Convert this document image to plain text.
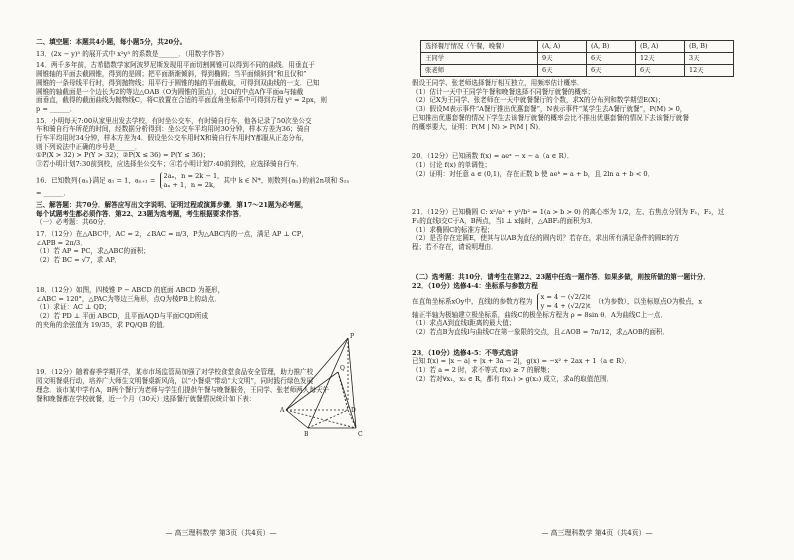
二、填空题：本题共4小题，每小题5分，共20分。

13．(2x − y)⁵ 的展开式中 x²y³ 的系数是______．（用数字作答）

14．两千多年前，古希腊数学家阿波罗尼斯发现用平面切割圆锥可以得到不同的曲线．用垂直于

圆锥轴的平面去截圆锥，得到的是圆；把平面渐渐倾斜，得到椭圆；当平面倾斜到“和且仅和”

圆锥的一条母线平行时，得到抛物线；用平行于圆锥的轴的平面截取，可得到双曲线的一支．已知

圆锥的轴截面是一个边长为2的等边△OAB（O为圆锥的顶点），过Oi的中点A作平面α与轴截

面垂直，截得的截面曲线为抛物线C，将C放置在合适的平面直角坐标系中可得到方程 y² = 2px，则

p = ______．

15．小明每天7:00从家里出发去学校，有时坐公交车，有时骑自行车，他各记录了50次坐公交

车和骑自行车所花的时间，经数据分析得到：坐公交车平均用时30分钟，样本方差为36；骑自

行车平均用时34分钟，样本方差为4．假设坐公交车用时X和骑自行车用时Y都服从正态分布，

则下列说法中正确的序号是______．

①P(X > 32) > P(Y > 32)；②P(X ≤ 36) = P(Y ≤ 36)；

③若小明计划7:30前到校，应选择坐公交车；④若小明计划7:40前到校，应选择骑自行车．

16．已知数列{aₙ}满足 a₁ = 1，aₙ₊₁ =
2aₙ，n = 2k − 1,
aₙ + 1，n = 2k,	其中 k ∈ N*，则数列{aₙ}的前2n项和 S₂ₙ

= ______．

三、解答题：共70分．解答应写出文字说明、证明过程或演算步骤．第17～21题为必考题，

每个试题考生都必须作答．第22、23题为选考题，考生根据要求作答．

（一）必考题：共60分．

17．（12分）在△ABC中，AC = 2，∠BAC = π/3，P为△ABC内的一点，满足 AP ⊥ CP，

∠APB = 2π/3．

（1）若 AP = PC，求△ABC的面积；

（2）若 BC = √7，求 AP．

18．（12分）如图，四棱锥 P − ABCD 的底面 ABCD 为菱形，

∠ABC = 120°，△PAC为等边三角形，点Q为棱PB上的动点．

（1）求证：AC ⊥ QD；

（2）若 PD ⊥ 平面 ABCD，且平面AQD与平面CQD所成

的夹角的余弦值为 19/35，求 PQ/QB 的值．

19．（12分）随着春季学期开学，某市市场监管局加强了对学校食堂食品安全管理，助力推广校

园文明餐桌行动，培养广大师生文明餐桌新风尚，以“小餐桌”带动“大文明”，同时践行绿色发展

理念．该市某中学有A，B两个餐厅为老师与学生们提供午餐与晚餐服务，王同学、张老师两人每天午

餐和晚餐都在学校就餐，近一个月（30天）选择餐厅就餐情况统计如下表：

P
Q
A
B	C
D
选择餐厅情况（午餐，晚餐）	(A, A)	(A, B)	(B, A)	(B, B)
王同学	9天	6天	12天	3天
张老师	6天	6天	6天	12天

假设王同学、张老师选择餐厅相互独立，用频率估计概率．

（1）估计一天中王同学午餐和晚餐选择不同餐厅就餐的概率；

（2）记X为王同学、张老师在一天中就餐餐厅的个数，求X的分布列和数学期望E(X)；

（3）假设M表示事件“A餐厅推出优惠套餐”，N表示事件“某学生去A餐厅就餐”，P(M) > 0，

已知推出优惠套餐的情况下学生去该餐厅就餐的概率会比不推出优惠套餐的情况下去该餐厅就餐

的概率要大，证明：P(M | N) > P(M | N̄)．

20．（12分）已知函数 f(x) = aeˣ − x − a（a ∈ R）．

（1）讨论 f(x) 的单调性；

（2）证明：对任意 a ∈ (0,1)，存在正数 b 使 aeᵇ = a + b，且 2ln a + b < 0．

21．（12分）已知椭圆 C: x²/a² + y²/b² = 1(a > b > 0) 的离心率为 1/2，左、右焦点分别为 F₁，F₂，过

F₁的直线l交C于A，B两点，当l ⊥ x轴时，△ABF₂的面积为3．

（1）求椭圆C的标准方程；

（2）是否存在定圆E，使其与以AB为直径的圆内切？若存在，求出所有满足条件的圆E的方

程；若不存在，请说明理由．

（二）选考题：共10分．请考生在第22、23题中任选一题作答．如果多做，则按所做的第一题计分．

22．（10分）选修4-4：坐标系与参数方程

在直角坐标系xOy中，直线l的参数方程为
x = 4 − (√2/2)t
y = 4 + (√2/2)t （t为参数），以坐标原点O为极点，x

轴正半轴为极轴建立极坐标系，曲线C的极坐标方程为 ρ = 8sin θ．A为曲线C上一点．

（1）求点A到直线l距离的最大值；

（2）若点B为直线l与曲线C在第一象限的交点，且∠AOB = 7π/12，求△AOB的面积．

23．（10分）选修4-5：不等式选讲

已知 f(x) = |x − a| + |x + 3a − 2|，g(x) = −x² + 2ax + 1（a ∈ R）．

（1）若 a = 2 时，求不等式 f(x) ≥ 7 的解集；

（2）若对∀x₁，x₂ ∈ R，都有 f(x₁) > g(x₂) 成立，求a的取值范围．

— 高三理科数学 第3页（共4页）—	— 高三理科数学 第4页（共4页）—
